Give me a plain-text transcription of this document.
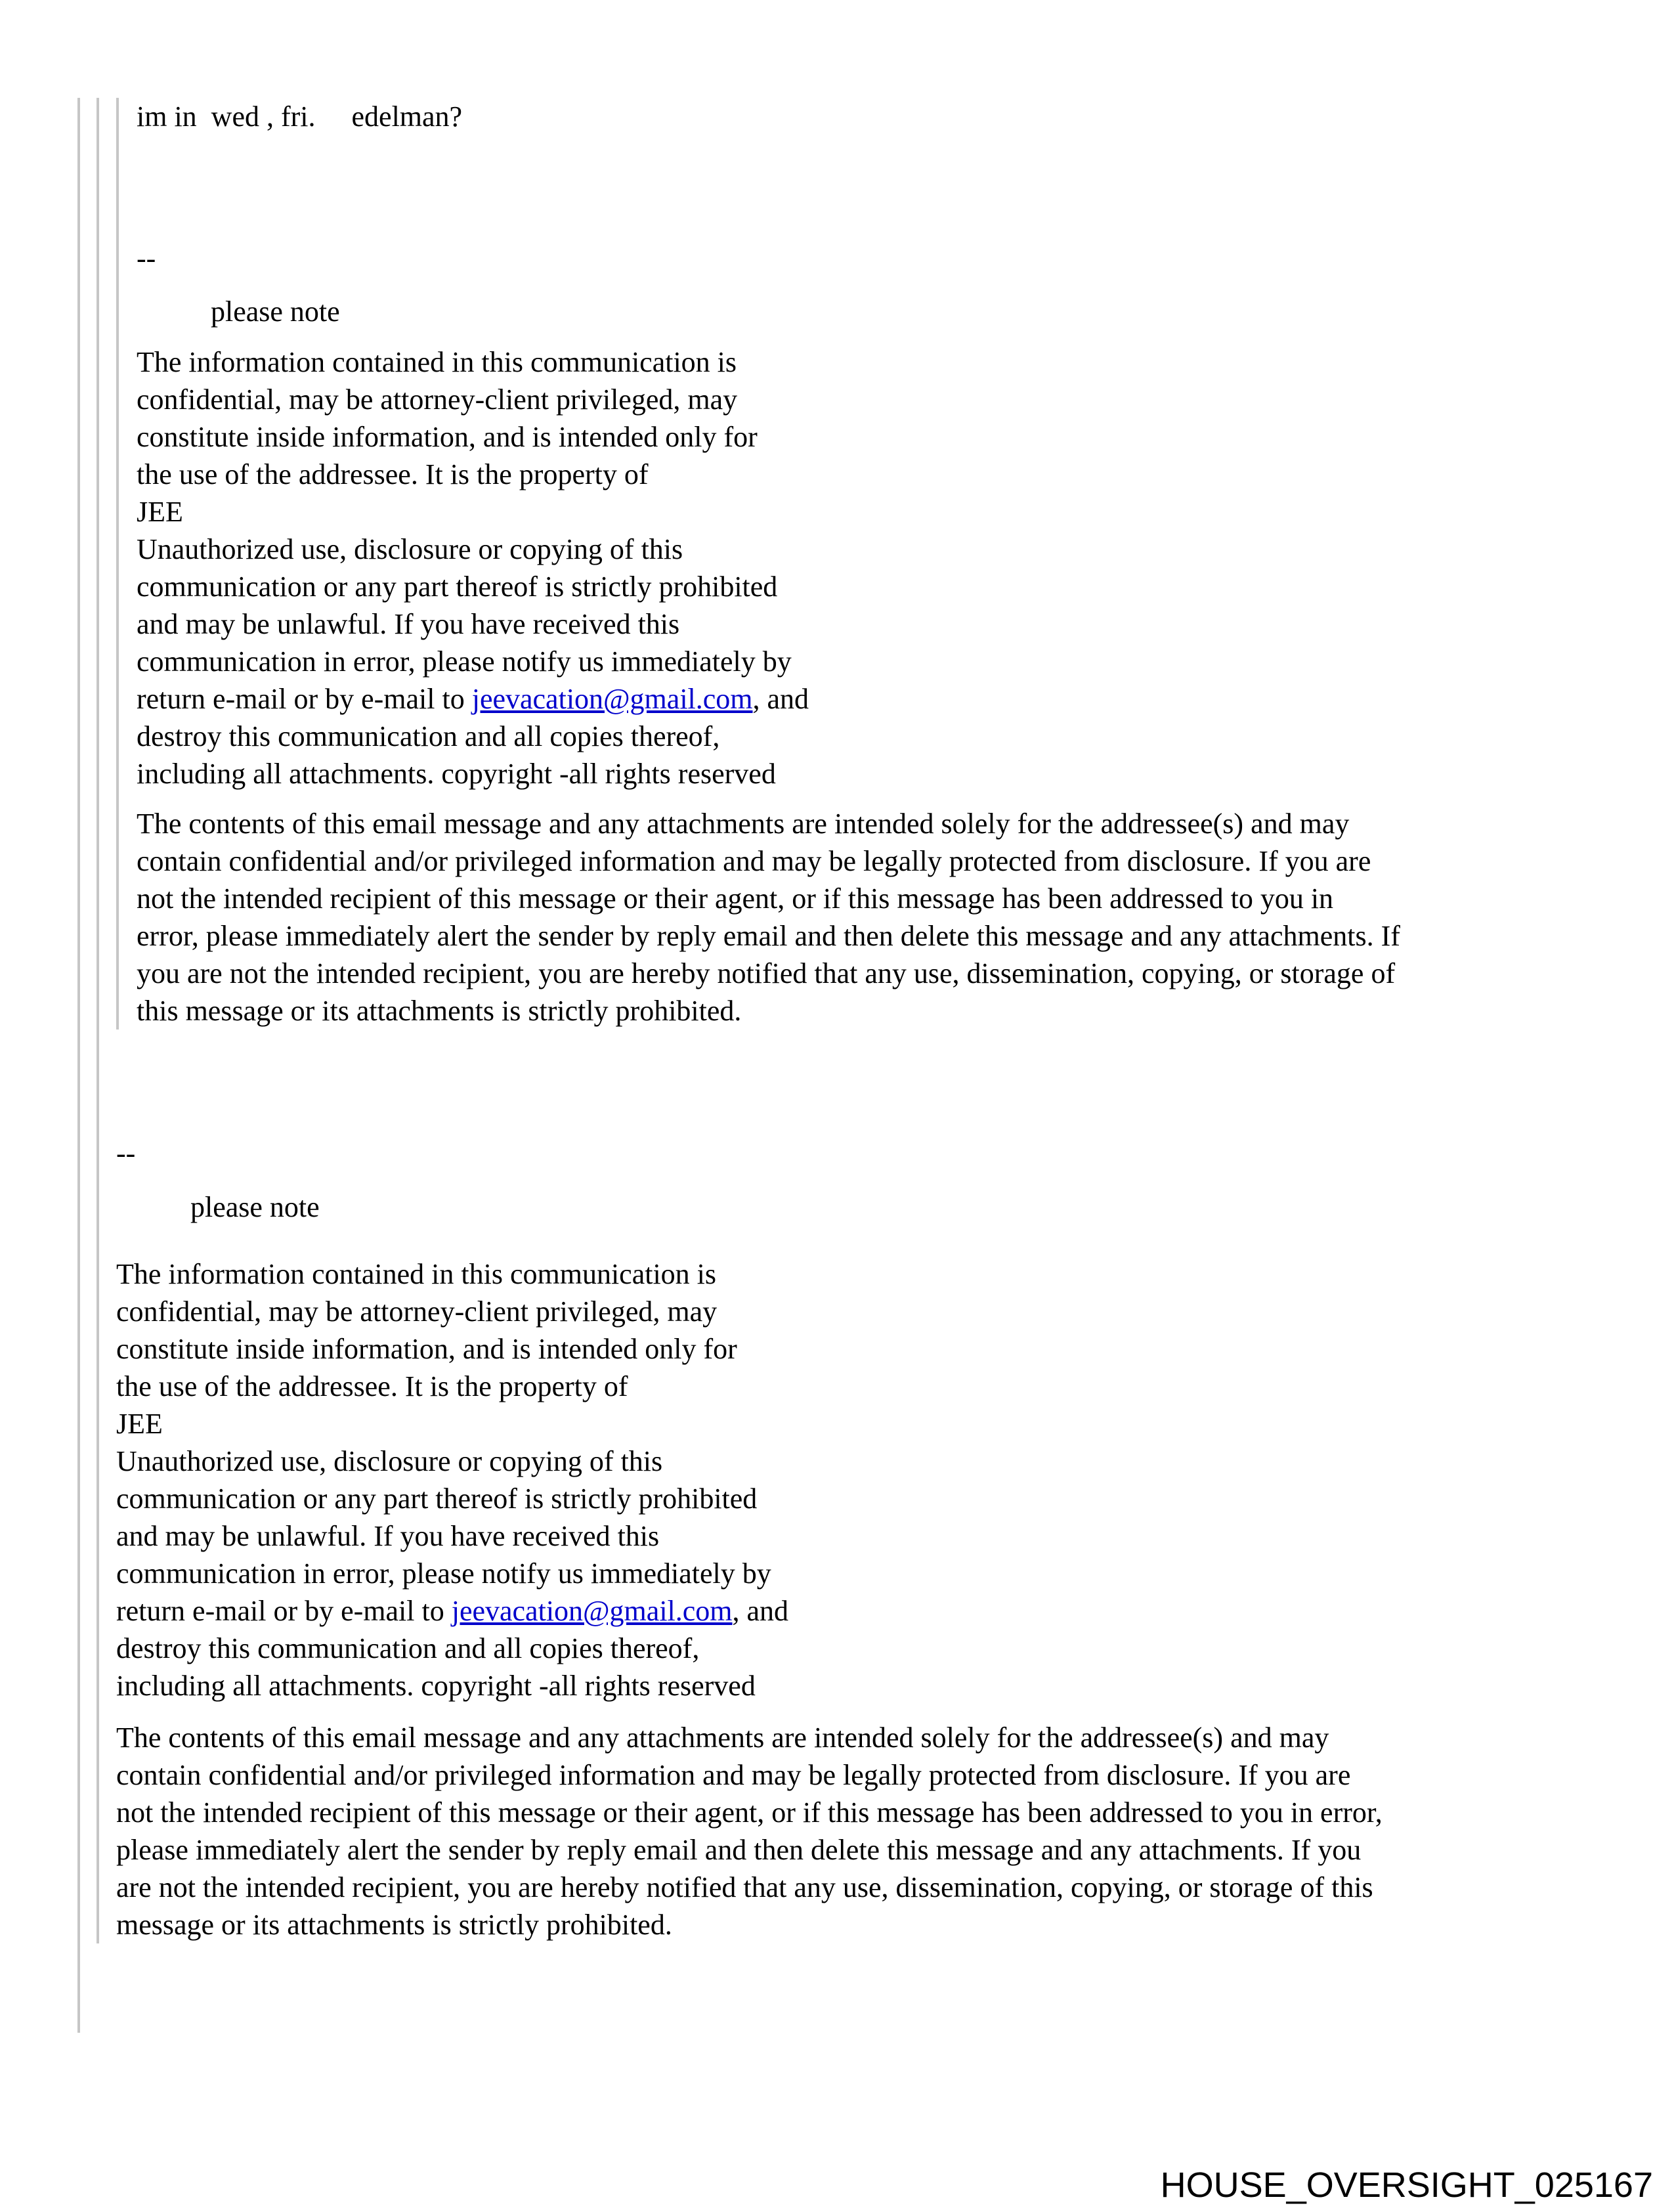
im in  wed , fri.     edelman?
--
please note
The information contained in this communication is
confidential, may be attorney-client privileged, may
constitute inside information, and is intended only for
the use of the addressee. It is the property of
JEE
Unauthorized use, disclosure or copying of this
communication or any part thereof is strictly prohibited
and may be unlawful. If you have received this
communication in error, please notify us immediately by
return e-mail or by e-mail to jeevacation@gmail.com, and
destroy this communication and all copies thereof,
including all attachments. copyright -all rights reserved
The contents of this email message and any attachments are intended solely for the addressee(s) and may
contain confidential and/or privileged information and may be legally protected from disclosure. If you are
not the intended recipient of this message or their agent, or if this message has been addressed to you in
error, please immediately alert the sender by reply email and then delete this message and any attachments. If
you are not the intended recipient, you are hereby notified that any use, dissemination, copying, or storage of
this message or its attachments is strictly prohibited.
--
please note
The information contained in this communication is
confidential, may be attorney-client privileged, may
constitute inside information, and is intended only for
the use of the addressee. It is the property of
JEE
Unauthorized use, disclosure or copying of this
communication or any part thereof is strictly prohibited
and may be unlawful. If you have received this
communication in error, please notify us immediately by
return e-mail or by e-mail to jeevacation@gmail.com, and
destroy this communication and all copies thereof,
including all attachments. copyright -all rights reserved
The contents of this email message and any attachments are intended solely for the addressee(s) and may
contain confidential and/or privileged information and may be legally protected from disclosure. If you are
not the intended recipient of this message or their agent, or if this message has been addressed to you in error,
please immediately alert the sender by reply email and then delete this message and any attachments. If you
are not the intended recipient, you are hereby notified that any use, dissemination, copying, or storage of this
message or its attachments is strictly prohibited.
HOUSE_OVERSIGHT_025167
